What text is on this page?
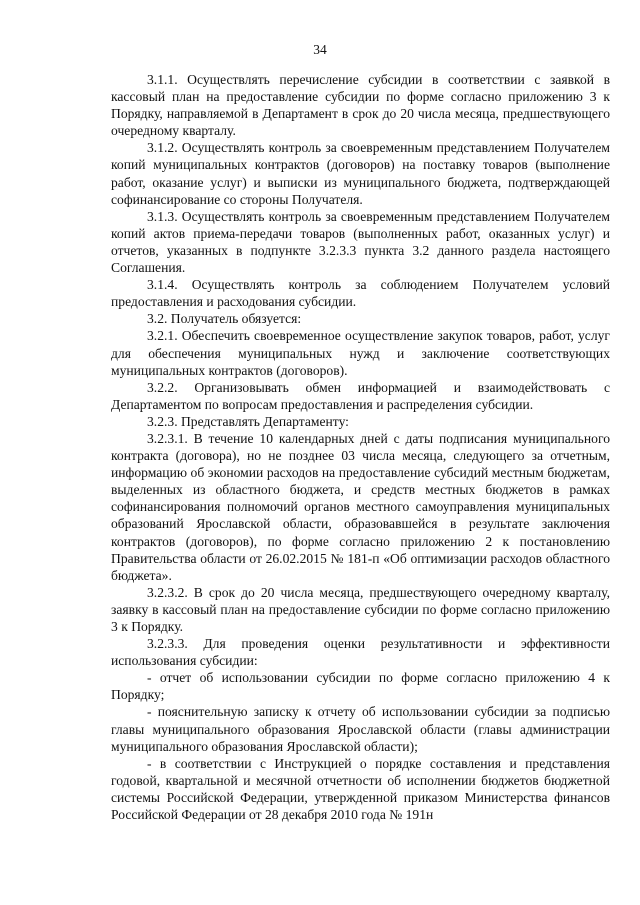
34

3.1.1. Осуществлять перечисление субсидии в соответствии с заявкой в кассовый план на предоставление субсидии по форме согласно приложению 3 к Порядку, направляемой в Департамент в срок до 20 числа месяца, предшествующего очередному кварталу.

3.1.2. Осуществлять контроль за своевременным представлением Получателем копий муниципальных контрактов (договоров) на поставку товаров (выполнение работ, оказание услуг) и выписки из муниципального бюджета, подтверждающей софинансирование со стороны Получателя.

3.1.3. Осуществлять контроль за своевременным представлением Получателем копий актов приема-передачи товаров (выполненных работ, оказанных услуг) и отчетов, указанных в подпункте 3.2.3.3 пункта 3.2 данного раздела настоящего Соглашения.

3.1.4. Осуществлять контроль за соблюдением Получателем условий предоставления и расходования субсидии.

3.2. Получатель обязуется:

3.2.1. Обеспечить своевременное осуществление закупок товаров, работ, услуг для обеспечения муниципальных нужд и заключение соответствующих муниципальных контрактов (договоров).

3.2.2. Организовывать обмен информацией и взаимодействовать с Департаментом по вопросам предоставления и распределения субсидии.

3.2.3. Представлять Департаменту:

3.2.3.1. В течение 10 календарных дней с даты подписания муниципального контракта (договора), но не позднее 03 числа месяца, следующего за отчетным, информацию об экономии расходов на предоставление субсидий местным бюджетам, выделенных из областного бюджета, и средств местных бюджетов в рамках софинансирования полномочий органов местного самоуправления муниципальных образований Ярославской области, образовавшейся в результате заключения контрактов (договоров), по форме согласно приложению 2 к постановлению Правительства области от 26.02.2015 № 181-п «Об оптимизации расходов областного бюджета».

3.2.3.2. В срок до 20 числа месяца, предшествующего очередному кварталу, заявку в кассовый план на предоставление субсидии по форме согласно приложению 3 к Порядку.

3.2.3.3. Для проведения оценки результативности и эффективности использования субсидии:

- отчет об использовании субсидии по форме согласно приложению 4 к Порядку;

- пояснительную записку к отчету об использовании субсидии за подписью главы муниципального образования Ярославской области (главы администрации муниципального образования Ярославской области);

- в соответствии с Инструкцией о порядке составления и представления годовой, квартальной и месячной отчетности об исполнении бюджетов бюджетной системы Российской Федерации, утвержденной приказом Министерства финансов Российской Федерации от 28 декабря 2010 года № 191н
